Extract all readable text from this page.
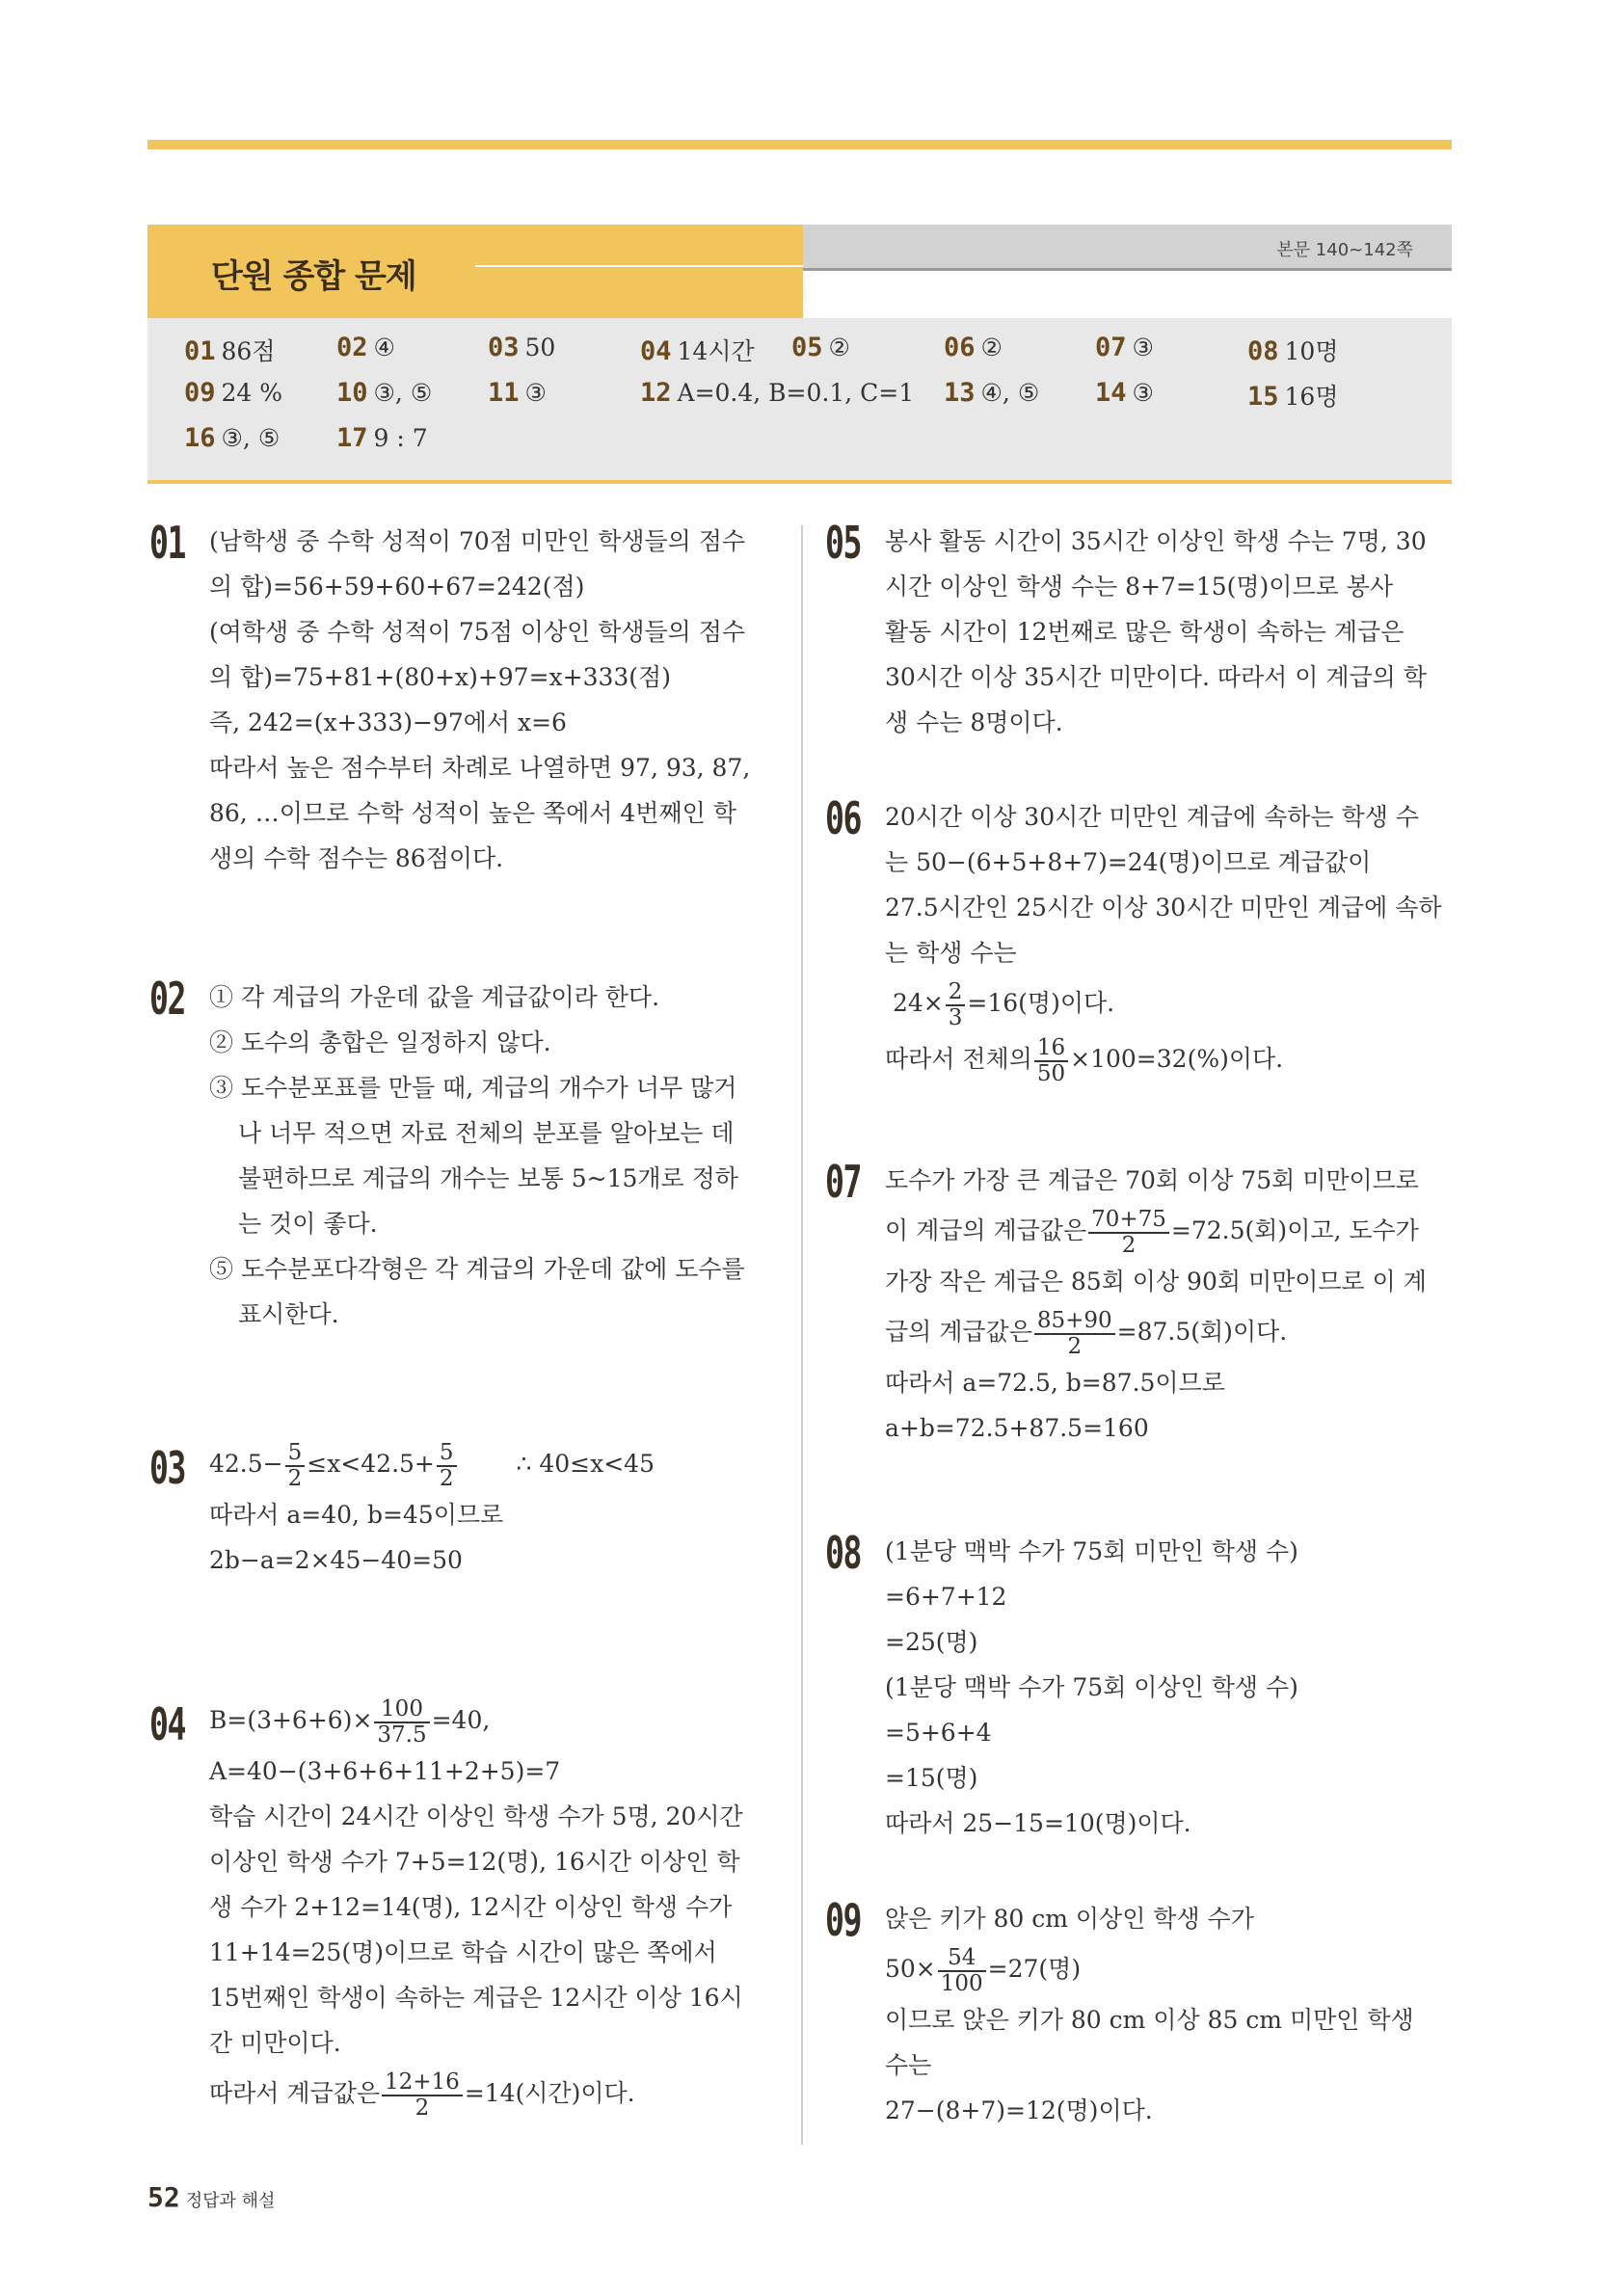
단원 종합 문제
본문 140~142쪽
01 86점 02 ④	03 50	04 14시간 05 ②	06 ②	07 ③	08 10명
09 24 % 10 ③, ⑤ 11 ③	12 A=0.4, B=0.1, C=1 13 ④, ⑤ 14 ③	15 16명
16 ③, ⑤ 17 9 : 7
01 (남학생 중 수학 성적이 70점 미만인 학생들의 점수
의 합)=56+59+60+67=242(점)
(여학생 중 수학 성적이 75점 이상인 학생들의 점수
의 합)=75+81+(80+x)+97=x+333(점)
즉, 242=(x+333)−97에서 x=6
따라서 높은 점수부터 차례로 나열하면 97, 93, 87,
86, …이므로 수학 성적이 높은 쪽에서 4번째인 학
생의 수학 점수는 86점이다.
02 ① 각 계급의 가운데 값을 계급값이라 한다.
② 도수의 총합은 일정하지 않다.
③ 도수분포표를 만들 때, 계급의 개수가 너무 많거
나 너무 적으면 자료 전체의 분포를 알아보는 데
불편하므로 계급의 개수는 보통 5~15개로 정하
는 것이 좋다.
⑤ 도수분포다각형은 각 계급의 가운데 값에 도수를
표시한다.
03 $42.5- \frac{5}{2} \le x<42.5+ \frac{5}{2}$ ∴ 40≤x<45
따라서 a=40, b=45이므로
2b−a=2×45−40=50
04 $B=(3+6+6)\times \frac{100}{37.5} =40$,
A=40−(3+6+6+11+2+5)=7
학습 시간이 24시간 이상인 학생 수가 5명, 20시간
이상인 학생 수가 7+5=12(명), 16시간 이상인 학
생 수가 2+12=14(명), 12시간 이상인 학생 수가
11+14=25(명)이므로 학습 시간이 많은 쪽에서
15번째인 학생이 속하는 계급은 12시간 이상 16시
간 미만이다.
따라서 계급값은 $\frac{12+16}{2} =14$(시간)이다.
05 봉사 활동 시간이 35시간 이상인 학생 수는 7명, 30
시간 이상인 학생 수는 8+7=15(명)이므로 봉사
활동 시간이 12번째로 많은 학생이 속하는 계급은
30시간 이상 35시간 미만이다. 따라서 이 계급의 학
생 수는 8명이다.
06 20시간 이상 30시간 미만인 계급에 속하는 학생 수
는 50−(6+5+8+7)=24(명)이므로 계급값이
27.5시간인 25시간 이상 30시간 미만인 계급에 속하
는 학생 수는
$24\times \frac{2}{3} =16$(명)이다.
따라서 전체의 $\frac{16}{50} \times 100=32(\%)$이다.
07 도수가 가장 큰 계급은 70회 이상 75회 미만이므로
이 계급의 계급값은 $\frac{70+75}{2} =72.5$(회)이고, 도수가
가장 작은 계급은 85회 이상 90회 미만이므로 이 계
급의 계급값은 $\frac{85+90}{2} =87.5$(회)이다.
따라서 a=72.5, b=87.5이므로
a+b=72.5+87.5=160
08 (1분당 맥박 수가 75회 미만인 학생 수)
=6+7+12
=25(명)
(1분당 맥박 수가 75회 이상인 학생 수)
=5+6+4
=15(명)
따라서 25−15=10(명)이다.
09 앉은 키가 80 cm 이상인 학생 수가
$50\times \frac{54}{100} =27$(명)
이므로 앉은 키가 80 cm 이상 85 cm 미만인 학생
수는
27−(8+7)=12(명)이다.
52 정답과 해설
